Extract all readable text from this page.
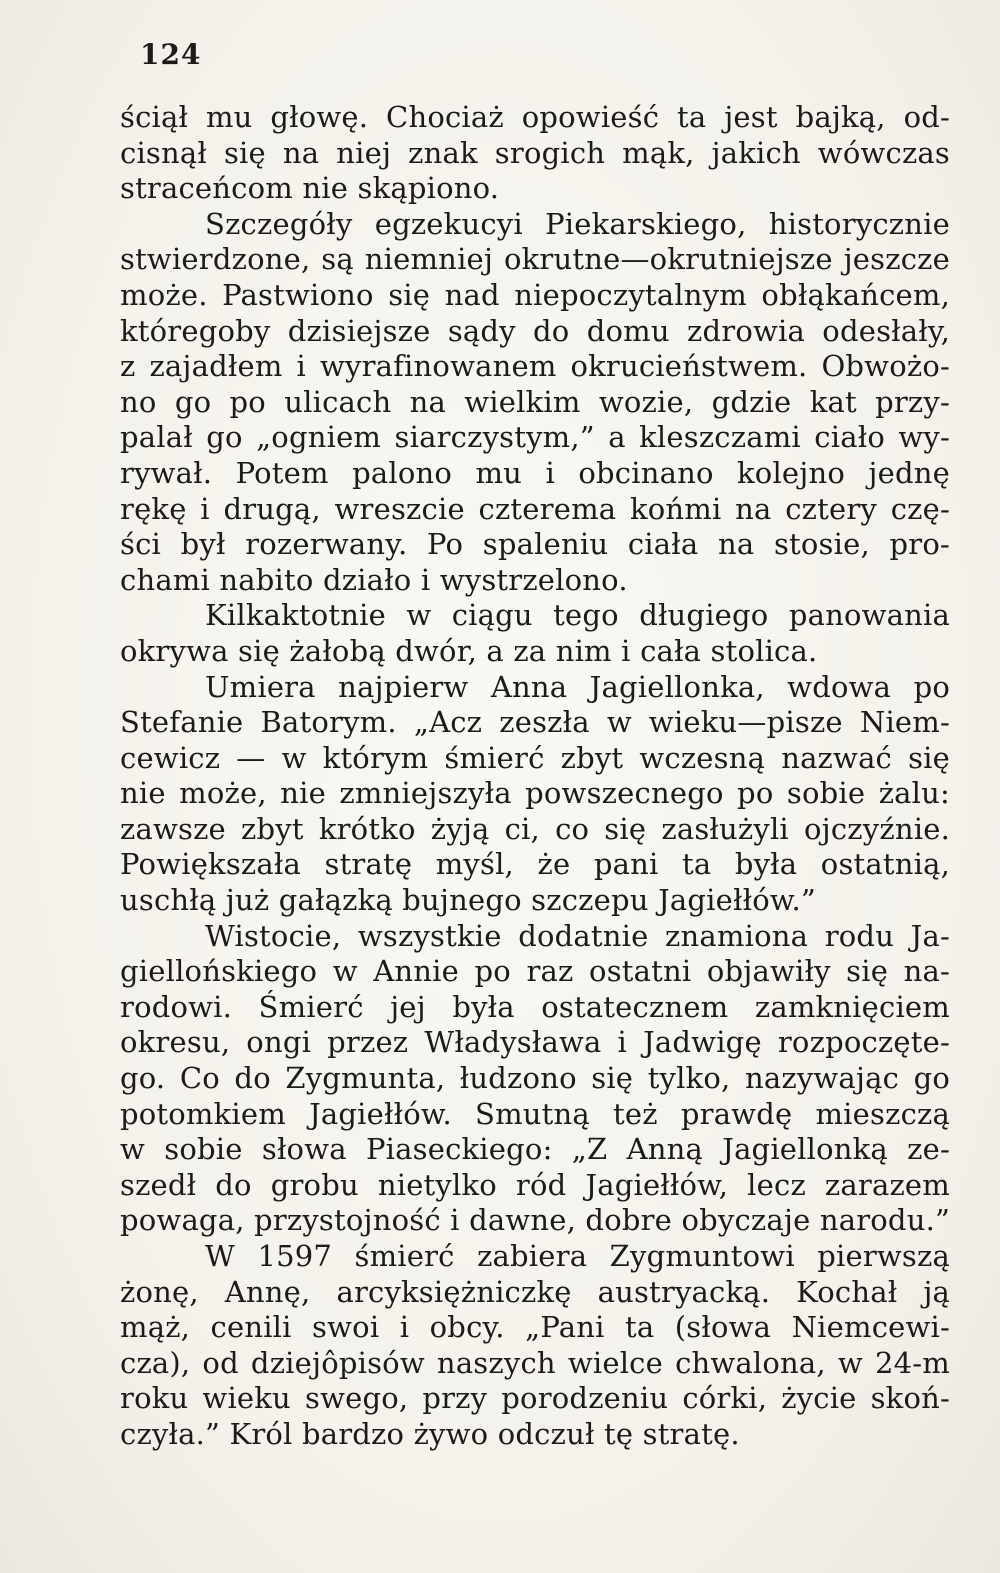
124
ściął mu głowę. Chociaż opowieść ta jest bajką, od-
cisnął się na niej znak srogich mąk, jakich wówczas
straceńcom nie skąpiono.
Szczegóły egzekucyi Piekarskiego, historycznie
stwierdzone, są niemniej okrutne—okrutniejsze jeszcze
może. Pastwiono się nad niepoczytalnym obłąkańcem,
któregoby dzisiejsze sądy do domu zdrowia odesłały,
z zajadłem i wyrafinowanem okrucieństwem. Obwożo-
no go po ulicach na wielkim wozie, gdzie kat przy-
palał go „ogniem siarczystym,” a kleszczami ciało wy-
rywał. Potem palono mu i obcinano kolejno jednę
rękę i drugą, wreszcie czterema końmi na cztery czę-
ści był rozerwany. Po spaleniu ciała na stosie, pro-
chami nabito działo i wystrzelono.
Kilkaktotnie w ciągu tego długiego panowania
okrywa się żałobą dwór, a za nim i cała stolica.
Umiera najpierw Anna Jagiellonka, wdowa po
Stefanie Batorym. „Acz zeszła w wieku—pisze Niem-
cewicz — w którym śmierć zbyt wczesną nazwać się
nie może, nie zmniejszyła powszecnego po sobie żalu:
zawsze zbyt krótko żyją ci, co się zasłużyli ojczyźnie.
Powiększała stratę myśl, że pani ta była ostatnią,
uschłą już gałązką bujnego szczepu Jagiełłów.”
Wistocie, wszystkie dodatnie znamiona rodu Ja-
giellońskiego w Annie po raz ostatni objawiły się na-
rodowi. Śmierć jej była ostatecznem zamknięciem
okresu, ongi przez Władysława i Jadwigę rozpoczęte-
go. Co do Zygmunta, łudzono się tylko, nazywając go
potomkiem Jagiełłów. Smutną też prawdę mieszczą
w sobie słowa Piaseckiego: „Z Anną Jagiellonką ze-
szedł do grobu nietylko ród Jagiełłów, lecz zarazem
powaga, przystojność i dawne, dobre obyczaje narodu.”
W 1597 śmierć zabiera Zygmuntowi pierwszą
żonę, Annę, arcyksiężniczkę austryacką. Kochał ją
mąż, cenili swoi i obcy. „Pani ta (słowa Niemcewi-
cza), od dziejôpisów naszych wielce chwalona, w 24-m
roku wieku swego, przy porodzeniu córki, życie skoń-
czyła.” Król bardzo żywo odczuł tę stratę.
